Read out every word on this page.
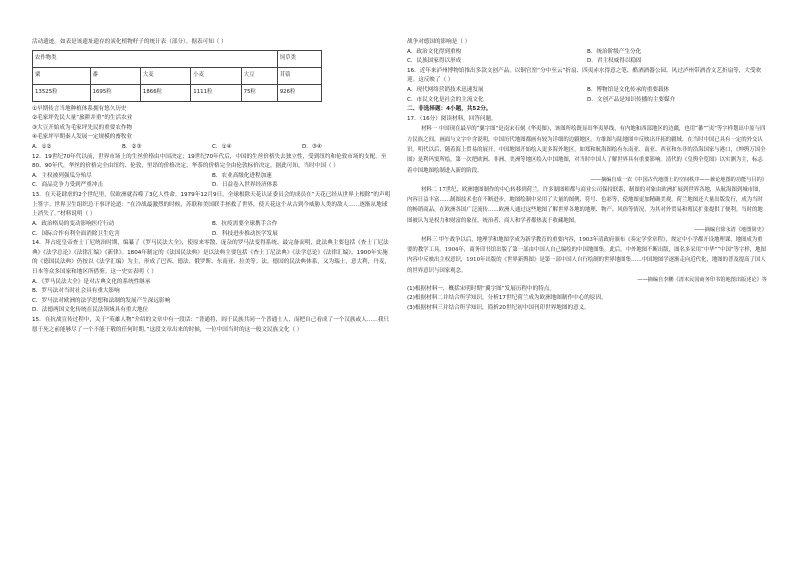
活动遗迹。如表是该遗址遗存的炭化植物籽子的统计表（部分）。据表可知（ ）

农作物类					饲草类
粟	黍	大麦	小麦	大豆	苜蓿
13525粒	1695粒	1866粒	1111粒	75粒	926粒

①早期传言当地种植体系拥有悠久历史

②毛家坪先民大量“旅耕并重”的生活农业

③大豆开始成为毛家坪先民的重要农作物

④毛家坪早期秦人发展一定规模的畜牧业

A．①②	B．②③	C．①④	D．③④

12．19世纪70年代以前，世界市场上的生丝价格由中国决定；19世纪70年代后，中国的生丝价格失去独立性，受到纽约和伦敦市场的支配。至80、90年代，华丝的价格完全由纽约、伦敦，里昂的价格决定，华茶的价格完全由伦敦标价决定。据此可知，当时中国（ ）

A．主权被列强瓜分殆尽	B．农业高级化进程加速
C．商品竞争力受到严重冲击	D．日益卷入世界经济体系

13．在天花肆虐的2个世纪里，仅欧洲就吞噬了3亿人性命。1979年12月9日，全球根除天花认证委员会的成员在“天花已经从世界上根除”的声明上签字。世界卫生组织总干事评论道：“在冷战最激烈的时候，苏联和美国联手拯救了世界，使天花这个从古到今威胁人类的敌人……逐渐从地球上消失了。”材料说明（ ）

A．政治格局的变动影响医疗行动	B．抗疫需要全球携手合作
C．国际合作有利全面消除卫生危害	D．科技进步推动医学发展

14．拜占庭皇帝查士丁尼统治时期，编纂了《罗马民法大全》，使原来零散、庞杂的罗马法变得系统、最完备而明，此法典主要包括《查士丁尼法典》《法学总论》《法律汇编》《新律》。1804年制定的《法国民法典》是以法典主要包括《查士丁尼法典》《法学总论》《法律汇编》，1900年实施的《德国民法典》仍按以《法学汇编》为主，形成了巴西、德法、俄罗斯、东南亚、拉美等。法，德国的民法典体系，又为瑞士，意大利，丹麦，日本等众多国家和地区所借鉴。这一史实表明（ ）

A．《罗马民法大全》是对古典文化的系统性继承

B．罗马法对当时社会具有重大影响

C．罗马法对欧洲的法学思想和法制的发展产生深远影响

D．法德两国文化传统在民法领域具有重大地位

15．在抗战宣传过程中，关于“英雄人物”介绍的文章中有一段话：“普通将，阎于民族共同一个普通士人，而把自己看成了一个汉族或人……我只愿于死之前能够尽了一个不能干敬的任何时期。”这段文章出来的时候，一位中国当时的这一般文民族文化（ ）

战争对德国的影响是（ ）

A．政治文化得到重构	B．统治阶级产生分化
C．民族国家得以形成	D．君主权威得以稳固

16．近年来泸州博物馆推出多款文创产品，以铜官窑“分中至云”折扇、四夷赤水得意之笔、酷酒酒器公园、风过泸州带酒香文艺折扇等，大受欢迎。这反映了（ ）

A．现代网络营销技术迅速发展	B．博物馆是文化传承的重要载体
C．市民文化是社会的主流文化	D．文创产品是知识传播的主要媒介

二、非选择题：4小题，共52分。

17．（16分）阅读材料，回答问题。

材料一 中国现在最早的“翼字图”是南宋石刻《华夷图》，该图所绘既显出华夷界线，有内地和西部地区的边疆，也用“蕃”“夷”等字样划出中原与四方民族之间，画面与文字中含说明，中国历代地图都画有较为详细的边疆地区。方维图与陆地图中反映出开拓的疆域。在当时中国已具有一定的外交认识。明代以后，随着海上贸易的展开，中国地图开始绘入更多海外地区，如郑和航海图绘有东南亚、南亚、西亚和东非的沿海国家与港口，《坤舆万国全图》是利玛窦所绘，第一次把欧洲、非洲、美洲等地区绘入中国地图，对当时中国人了解世界具有重要影响。清代的《皇舆全览图》以实测为主，标志着中国地图绘制进入新的阶段。

——摘编自成一农《中国古代地图上的空间秩序——兼论地图的功能与目的》

材料二 17世纪，欧洲地图制作的中心转移到荷兰。许多制图师都与商业公司保持联系，制图的对象由欧洲扩展到世界各地，从航海图到城市图，内容日益丰富……制图技术也在不断进步，地图绘制中采用了大量的图例、符号、色彩等，使地图更加精确美观，荷兰地图还大量出版发行，成为当时的畅销商品，在欧洲各国广泛流传……欧洲人通过这些地图了解世界各地的地理、物产、风俗等情况，为其对外贸易和殖民扩张提供了便利。当时的地图被认为是权力和财富的象征，统治者、商人和学者都热衷于收藏地图。

——摘编自徐永清《地图简史》

材料三 甲午战争以后，地理学和地图学成为新学教育的重要内容，1903年清政府颁布《奏定学堂章程》，规定中小学都开设地理课，地图成为重要的教学工具。1904年，商务印书馆出版了第一部由中国人自己编绘的中国地图集。此后，中外地图不断出版，图名多采用“中华”“中国”等字样，地图内容中反映出主权意识，1910年出版的《世界新舆图》是第一部中国人自行绘制的世界地图集……中国地图学逐渐走向近代化，地图的普及提高了国人的世界意识与国家观念。

——摘编自李鹏《清末民国商务印书馆地图出版述论》等

(1)根据材料一，概括宋明时期“翼字图”发展历程中的特点。

(2)根据材料二并结合所学知识，分析17世纪荷兰成为欧洲地图制作中心的原因。

(3)根据材料三并结合所学知识，简析20世纪初中国刊印世界地图的意义。
